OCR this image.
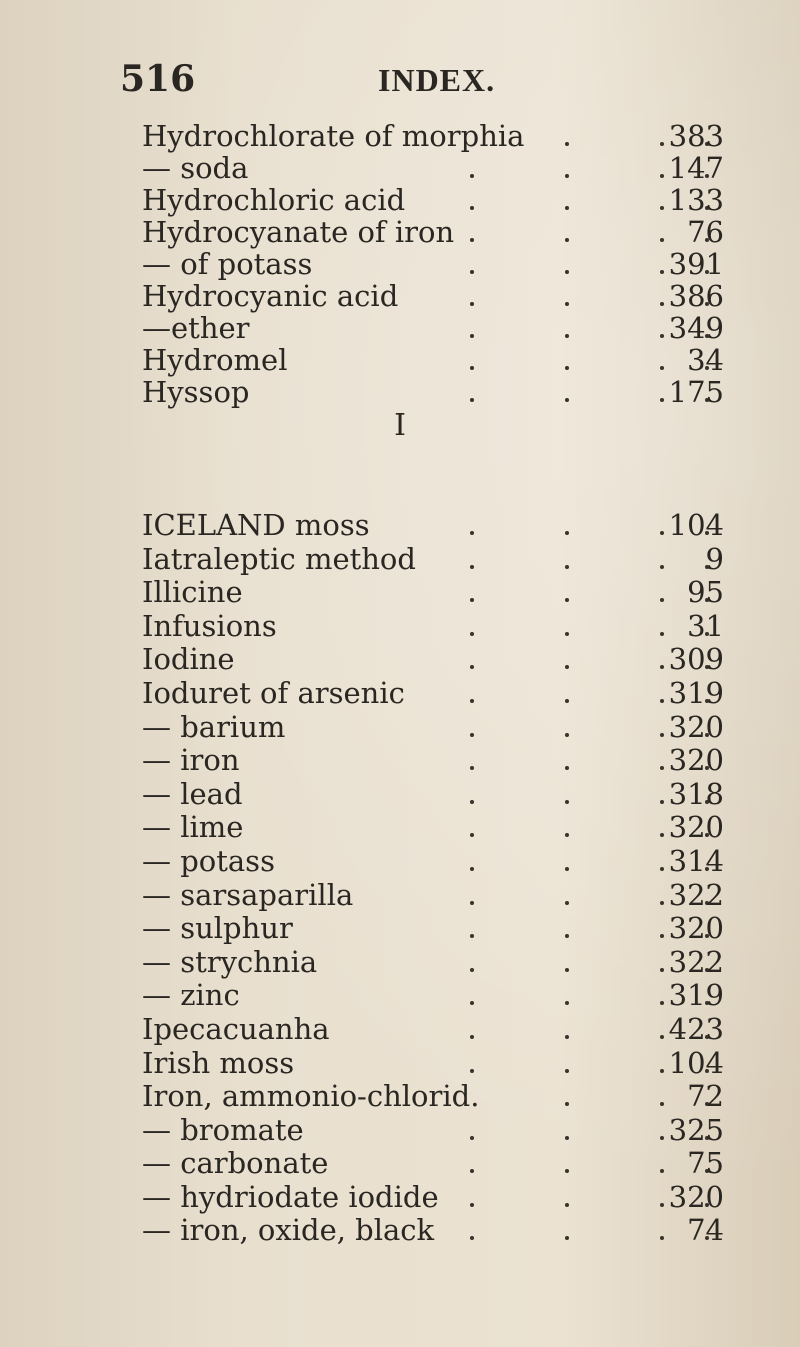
516	INDEX.
Hydrochlorate of morphia	383
— soda	147
Hydrochloric acid	133
Hydrocyanate of iron	76
— of potass	391
Hydrocyanic acid	386
—ether	349
Hydromel	34
Hyssop	175
I
ICELAND moss	104
Iatraleptic method	9
Illicine	95
Infusions	31
Iodine	309
Ioduret of arsenic	319
— barium	320
— iron	320
— lead	318
— lime	320
— potass	314
— sarsaparilla	322
— sulphur	320
— strychnia	322
— zinc	319
Ipecacuanha	423
Irish moss	104
Iron, ammonio-chlorid.	72
— bromate	325
— carbonate	75
— hydriodate iodide	320
— iron, oxide, black	74
